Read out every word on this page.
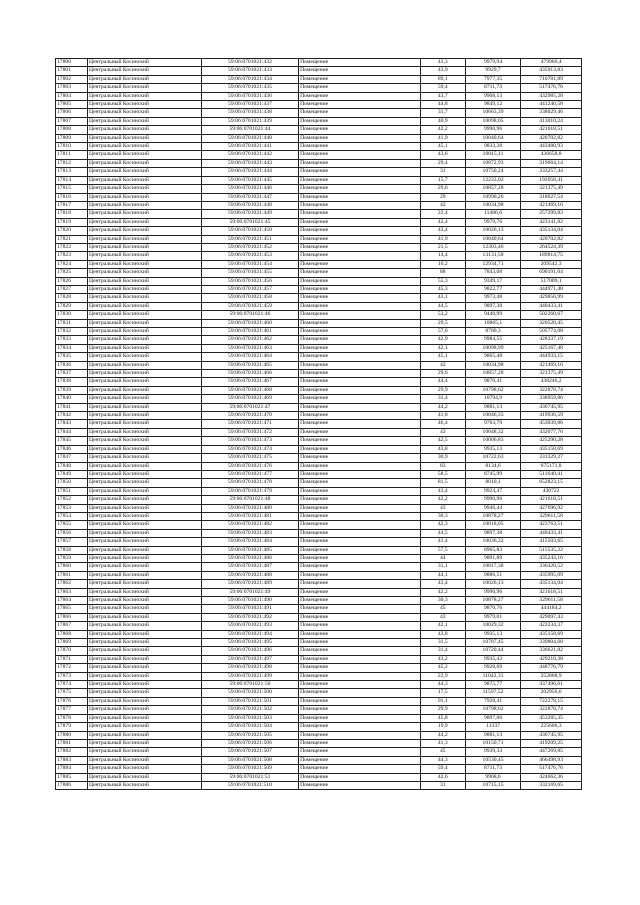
17800	Центральный Косинский	59:06:0701021:432	Помещение	43,3	9979,94	479966,4
17801	Центральный Косинский	59:06:0701021:433	Помещение	43,9	9929,7	435913,83
17802	Центральный Косинский	59:06:0701021:434	Помещение	89,1	7977,35	710781,89
17803	Центральный Косинский	59:06:0701021:435	Помещение	59,4	8711,73	517476,76
17804	Центральный Косинский	59:06:0701021:436	Помещение	43,7	9908,13	432985,28
17805	Центральный Косинский	59:06:0701021:437	Помещение	44,8	9849,12	441240,58
17806	Центральный Косинский	59:06:0701021:438	Помещение	31,7	10663,39	338029,46
17807	Центральный Косинский	59:06:0701021:439	Помещение	40,9	10098,05	413010,24
17808	Центральный Косинский	59:06:0701021:44	Помещение	42,2	9990,96	421618,51
17809	Центральный Косинский	59:06:0701021:440	Помещение	41,9	10040,64	420702,82
17810	Центральный Косинский	59:06:0701021:441	Помещение	45,1	9833,28	443480,93
17811	Центральный Косинский	59:06:0701021:442	Помещение	43,6	10015,11	436658,8
17812	Центральный Косинский	59:06:0701021:443	Помещение	29,4	10872,93	319664,14
17813	Центральный Косинский	59:06:0701021:444	Помещение	31	10750,24	333257,44
17814	Центральный Косинский	59:06:0701021:445	Помещение	15,7	12233,02	192058,41
17815	Центральный Косинский	59:06:0701021:446	Помещение	29,6	10857,28	321375,49
17816	Центральный Косинский	59:06:0701021:447	Помещение	29	10990,26	318627,54
17817	Центральный Косинский	59:06:0701021:448	Помещение	42	10034,98	421469,16
17818	Центральный Косинский	59:06:0701021:449	Помещение	22,4	11486,6	257299,83
17819	Центральный Косинский	59:06:0701021:45	Помещение	42,4	9979,76	423141,82
17820	Центральный Косинский	59:06:0701021:450	Помещение	43,4	10026,13	435134,04
17821	Центральный Косинский	59:06:0701021:451	Помещение	41,9	10040,64	420702,82
17822	Центральный Косинский	59:06:0701021:452	Помещение	21,5	12303,46	264524,39
17823	Центральный Косинский	59:06:0701021:453	Помещение	14,4	13131,58	189814,75
17824	Центральный Косинский	59:06:0701021:454	Помещение	16,2	12934,71	209542,3
17825	Центральный Косинский	59:06:0701021:455	Помещение	88	7843,08	690191,04
17826	Центральный Косинский	59:06:0701021:456	Помещение	55,3	9349,17	517009,1
17827	Центральный Косинский	59:06:0701021:457	Помещение	45,3	9822,77	444971,48
17828	Центральный Косинский	59:06:0701021:458	Помещение	43,1	9973,48	429856,99
17829	Центральный Косинский	59:06:0701021:459	Помещение	44,5	9897,38	440433,41
17830	Центральный Косинский	59:06:0701021:46	Помещение	53,2	9440,99	502260,67
17831	Центральный Косинский	59:06:0701021:460	Помещение	29,5	10865,1	320520,45
17832	Центральный Косинский	59:06:0701021:461	Помещение	57,6	8780,3	505774,08
17833	Центральный Косинский	59:06:0701021:462	Помещение	42,9	9984,55	428337,19
17834	Центральный Косинский	59:06:0701021:463	Помещение	42,1	10098,99	425167,48
17835	Центральный Косинский	59:06:0701021:464	Помещение	45,1	9865,48	444933,15
17836	Центральный Косинский	59:06:0701021:465	Помещение	42	10034,98	421469,16
17837	Центральный Косинский	59:06:0701021:466	Помещение	29,6	10857,28	321375,49
17838	Центральный Косинский	59:06:0701021:467	Помещение	44,4	9870,41	438246,2
17839	Центральный Косинский	59:06:0701021:468	Помещение	29,9	10798,62	322878,74
17840	Центральный Косинский	59:06:0701021:469	Помещение	31,4	10794,9	338959,86
17841	Центральный Косинский	59:06:0701021:47	Помещение	44,2	9881,13	436745,95
17842	Центральный Косинский	59:06:0701021:470	Помещение	41,8	10046,33	419936,59
17843	Центральный Косинский	59:06:0701021:471	Помещение	46,4	9763,79	453039,86
17844	Центральный Косинский	59:06:0701021:472	Помещение	43	10048,32	432077,76
17845	Центральный Косинский	59:06:0701021:473	Помещение	42,5	10006,83	425290,28
17846	Центральный Косинский	59:06:0701021:474	Помещение	43,8	9935,13	435158,69
17847	Центральный Косинский	59:06:0701021:475	Помещение	30,9	10722,63	331329,27
17848	Центральный Косинский	59:06:0701021:476	Помещение	83	8134,6	675171,8
17849	Центральный Косинский	59:06:0701021:477	Помещение	58,5	8745,99	511640,41
17850	Центральный Косинский	59:06:0701021:478	Помещение	81,5	8010,1	652823,15
17851	Центральный Косинский	59:06:0701021:479	Помещение	43,4	9924,47	430722
17852	Центральный Косинский	59:06:0701021:48	Помещение	42,2	9990,96	421618,51
17853	Центральный Косинский	59:06:0701021:480	Помещение	43	9946,44	427696,92
17854	Центральный Косинский	59:06:0701021:481	Помещение	30,3	10878,27	329611,58
17855	Центральный Косинский	59:06:0701021:482	Помещение	42,3	10018,05	423763,51
17856	Центральный Косинский	59:06:0701021:483	Помещение	44,5	9897,38	440433,41
17857	Центральный Косинский	59:06:0701021:484	Помещение	41,4	10036,32	415503,65
17858	Центральный Косинский	59:06:0701021:485	Помещение	57,5	8965,83	515535,22
17859	Центральный Косинский	59:06:0701021:486	Помещение	44	9891,89	435243,16
17860	Центральный Косинский	59:06:0701021:487	Помещение	31,1	10817,38	336420,52
17861	Центральный Косинский	59:06:0701021:488	Помещение	44,1	9886,51	435995,09
17862	Центральный Косинский	59:06:0701021:489	Помещение	43,4	10026,13	435134,04
17863	Центральный Косинский	59:06:0701021:49	Помещение	42,2	9990,96	421618,51
17864	Центральный Косинский	59:06:0701021:490	Помещение	30,3	10878,27	329611,58
17865	Центральный Косинский	59:06:0701021:491	Помещение	45	9870,76	444184,2
17866	Центральный Косинский	59:06:0701021:492	Помещение	43	9979,01	429097,43
17867	Центральный Косинский	59:06:0701021:493	Помещение	42,1	10029,32	422234,37
17868	Центральный Косинский	59:06:0701021:494	Помещение	43,8	9935,13	435158,69
17869	Центральный Косинский	59:06:0701021:495	Помещение	31,5	10787,45	339804,68
17870	Центральный Косинский	59:06:0701021:496	Помещение	31,4	10720,44	336621,82
17871	Центральный Косинский	59:06:0701021:497	Помещение	43,2	9935,43	429210,38
17872	Центральный Косинский	59:06:0701021:498	Помещение	45,2	9928,69	448776,79
17873	Центральный Косинский	59:06:0701021:499	Помещение	22,9	11042,31	252868,9
17874	Центральный Косинский	59:06:0701021:50	Помещение	44,3	9875,77	437496,61
17875	Центральный Косинский	59:06:0701021:500	Помещение	17,5	11597,52	202956,6
17876	Центральный Косинский	59:06:0701021:501	Помещение	91,1	7928,41	722278,15
17877	Центральный Косинский	59:06:0701021:502	Помещение	29,9	10798,62	322878,74
17878	Центральный Косинский	59:06:0701021:503	Помещение	45,8	9897,06	453285,35
17879	Центральный Косинский	59:06:0701021:504	Помещение	19,9	11337	225606,3
17880	Центральный Косинский	59:06:0701021:505	Помещение	44,2	9881,13	436745,95
17881	Центральный Косинский	59:06:0701021:506	Помещение	41,3	10150,71	419209,25
17882	Центральный Косинский	59:06:0701021:507	Помещение	45	9939,33	447269,85
17883	Центральный Косинский	59:06:0701021:508	Помещение	44,3	10530,45	466498,93
17884	Центральный Косинский	59:06:0701021:509	Помещение	59,4	8711,73	517476,76
17885	Центральный Косинский	59:06:0701021:51	Помещение	42,6	9968,6	424662,36
17886	Центральный Косинский	59:06:0701021:510	Помещение	31	10715,15	332169,65
